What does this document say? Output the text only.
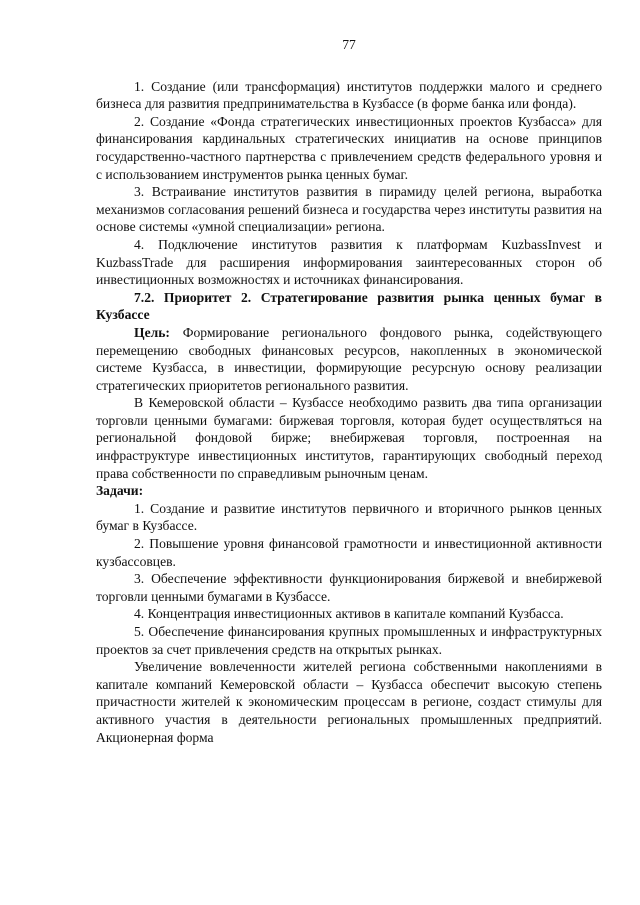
77

1. Создание (или трансформация) институтов поддержки малого и среднего бизнеса для развития предпринимательства в Кузбассе (в форме банка или фонда).

2. Создание «Фонда стратегических инвестиционных проектов Кузбасса» для финансирования кардинальных стратегических инициатив на основе принципов государственно-частного партнерства с привлечением средств федерального уровня и с использованием инструментов рынка ценных бумаг.

3. Встраивание институтов развития в пирамиду целей региона, выработка механизмов согласования решений бизнеса и государства через институты развития на основе системы «умной специализации» региона.

4. Подключение институтов развития к платформам KuzbassInvest и KuzbassTrade для расширения информирования заинтересованных сторон об инвестиционных возможностях и источниках финансирования.

7.2. Приоритет 2. Стратегирование развития рынка ценных бумаг в Кузбассе

Цель: Формирование регионального фондового рынка, содействующего перемещению свободных финансовых ресурсов, накопленных в экономической системе Кузбасса, в инвестиции, формирующие ресурсную основу реализации стратегических приоритетов регионального развития.

В Кемеровской области – Кузбассе необходимо развить два типа организации торговли ценными бумагами: биржевая торговля, которая будет осуществляться на региональной фондовой бирже; внебиржевая торговля, построенная на инфраструктуре инвестиционных институтов, гарантирующих свободный переход права собственности по справедливым рыночным ценам.

Задачи:

1. Создание и развитие институтов первичного и вторичного рынков ценных бумаг в Кузбассе.

2. Повышение уровня финансовой грамотности и инвестиционной активности кузбассовцев.

3. Обеспечение эффективности функционирования биржевой и внебиржевой торговли ценными бумагами в Кузбассе.

4. Концентрация инвестиционных активов в капитале компаний Кузбасса.

5. Обеспечение финансирования крупных промышленных и инфраструктурных проектов за счет привлечения средств на открытых рынках.

Увеличение вовлеченности жителей региона собственными накоплениями в капитале компаний Кемеровской области – Кузбасса обеспечит высокую степень причастности жителей к экономическим процессам в регионе, создаст стимулы для активного участия в деятельности региональных промышленных предприятий. Акционерная форма
